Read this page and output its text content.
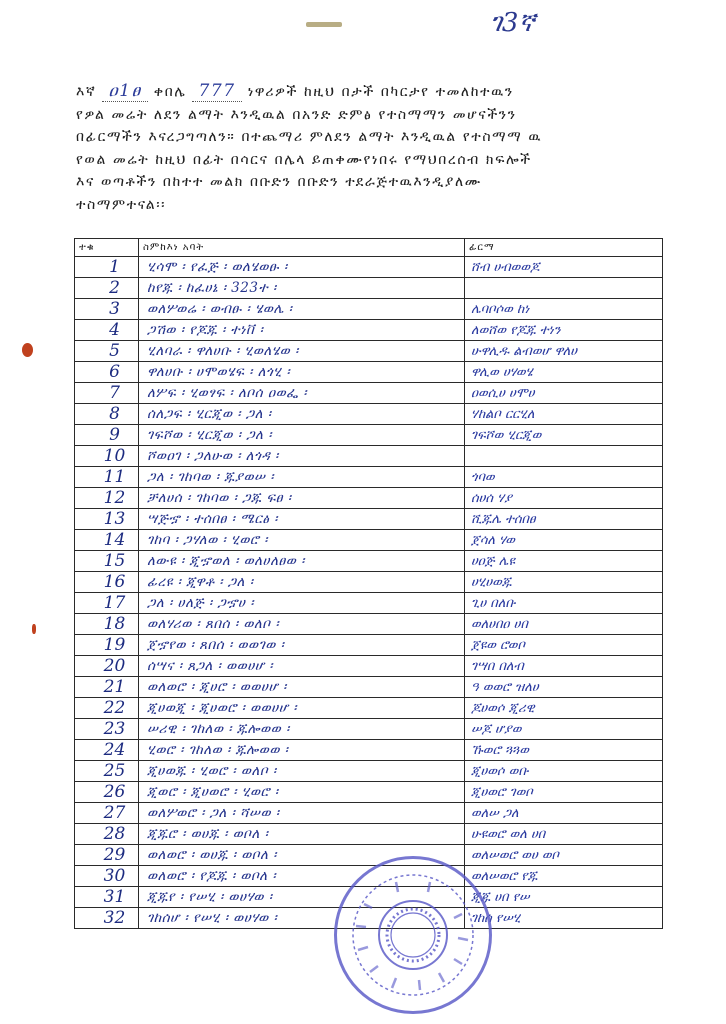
ገ3ኛ

እኛ ዐ1ፀ ቀበሌ 777 ነዋሪዎች ከዚህ በታች በካርታየ ተመለከተዉን

የዎል መሬት ለደን ልማት እንዲዉል በአንድ ድምፅ የተስማማን መሆናችንን

በፊርማችን እናረጋግጣለን። በተጨማሪ ምለደን ልማት እንዲዉል የተስማማ ዉ

የወል መሬት ከዚህ በፊት በሳርና በሌላ ይጠቀሙየነበሩ የማህበረሰብ ክፍሎች

እና ወጣቶችን በከተተ መልክ በቡድን በቡድን ተደራጅተዉእንዲያለሙ

ተስማምተናል፡፡

ተቁ	ስምከእነ አባት	ፊርማ
1	ሂሳሞ ፡ የፈጅ ፡ ወለሄወፁ ፡	ሸብ ሀብወወጆ
2	ከየጁ ፡ ከፈሀኔ ፡ 323ተ ፡	
3	ወለሦወሬ ፡ ወብፁ ፡ ሄወሌ ፡	ሌባቦሶወ ከነ
4	ጋሽወ ፡ የጆጁ ፡ ተነቨ ፡	ለወሸወ የጆጁ ተነን
5	ሂለባራ ፡ ዋለሀቡ ፡ ሂወለሄወ ፡	ሁዋሊዱ ልብወሆ ዋለሀ
6	ዋለሀቡ ፡ ሀሞወሄፍ ፡ ለጎሂ ፡	ዋሊወ ሀሃወሄ
7	ለሦፍ ፡ ሂወፃፍ ፡ ለቦሰ ዐወፌ ፡	ዐወሲሀ ሀሞሀ
8	ሰለጋፍ ፡ ሂርጂወ ፡ ጋለ ፡	ሃከልቦ ርርሂለ
9	ገፍሾወ ፡ ሂርጂወ ፡ ጋለ ፡	ገፍሾወ ሂርጂወ
10	ሾወዐገ ፡ ጋለሁወ ፡ ለጎዳ ፡	
11	ጋለ ፡ ገከባወ ፡ ጁያወሠ ፡	ጎባወ
12	ቻለሀሰ ፡ ገከባወ ፡ ጋጁ ፍፀ ፡	ሰሀሰ ሃያ
13	ሣጅኇ ፡ ተሰበፀ ፡ ሜርፅ ፡	ሺጁሌ ተሰበፀ
14	ገከባ ፡ ጋሃለወ ፡ ሂወሮ ፡	ጀሳለ ሃወ
15	ለውዩ ፡ ጂኇወለ ፡ ወለሀለፀወ ፡	ሀዐጅ ሌዩ
16	ፊረዩ ፡ ጂዋቶ ፡ ጋለ ፡	ሀሂሀወጁ
17	ጋለ ፡ ሀለጅ ፡ ጋኇሀ ፡	ጊሀ በለቡ
18	ወለሃሪወ ፡ ጸበሰ ፡ ወለቦ ፡	ወለሀበዐ ሀበ
19	ጀኇየወ ፡ ጸበሰ ፡ ወወገወ ፡	ጀዩወ ሮወቦ
20	ሰሣና ፡ ጸጋለ ፡ ወወሀሆ ፡	ገሣበ በለብ
21	ወለወሮ ፡ ጂሀሮ ፡ ወወሀሆ ፡	ዓ ወወሮ ዝለሀ
22	ጂሀወጂ ፡ ጂሀወሮ ፡ ወወሀሆ ፡	ጆሀወሶ ጂሪዊ
23	ሠሪዊ ፡ ገከለወ ፡ ጁሎወወ ፡	ሠጆ ሆያወ
24	ሂወሮ ፡ ገከለወ ፡ ጁሎወወ ፡	ኹወሮ ጓጓወ
25	ጂሀወጁ ፡ ሂወሮ ፡ ወለቦ ፡	ጂሀወሶ ወቡ
26	ጂወሮ ፡ ጂሀወሮ ፡ ሂወሮ ፡	ጂሀወሮ ገወቦ
27	ወለሦወሮ ፡ ጋለ ፡ ሻሠወ ፡	ወለሠ ጋለ
28	ጂጁሮ ፡ ወሀጁ ፡ ወቦለ ፡	ሁዩወሮ ወለ ሀበ
29	ወለወሮ ፡ ወሀጁ ፡ ወቦለ ፡	ወለሠወሮ ወሀ ወቦ
30	ወለወሮ ፡ የጆጁ ፡ ወቦለ ፡	ወለሠወሮ የጁ
31	ጂጁየ ፡ የሠሂ ፡ ወሀሃወ ፡	ጂጁ ሀበ የሠ
32	ገከሰሆ ፡ የሠሂ ፡ ወሀሃወ ፡	ገከሰ የሠሂ
